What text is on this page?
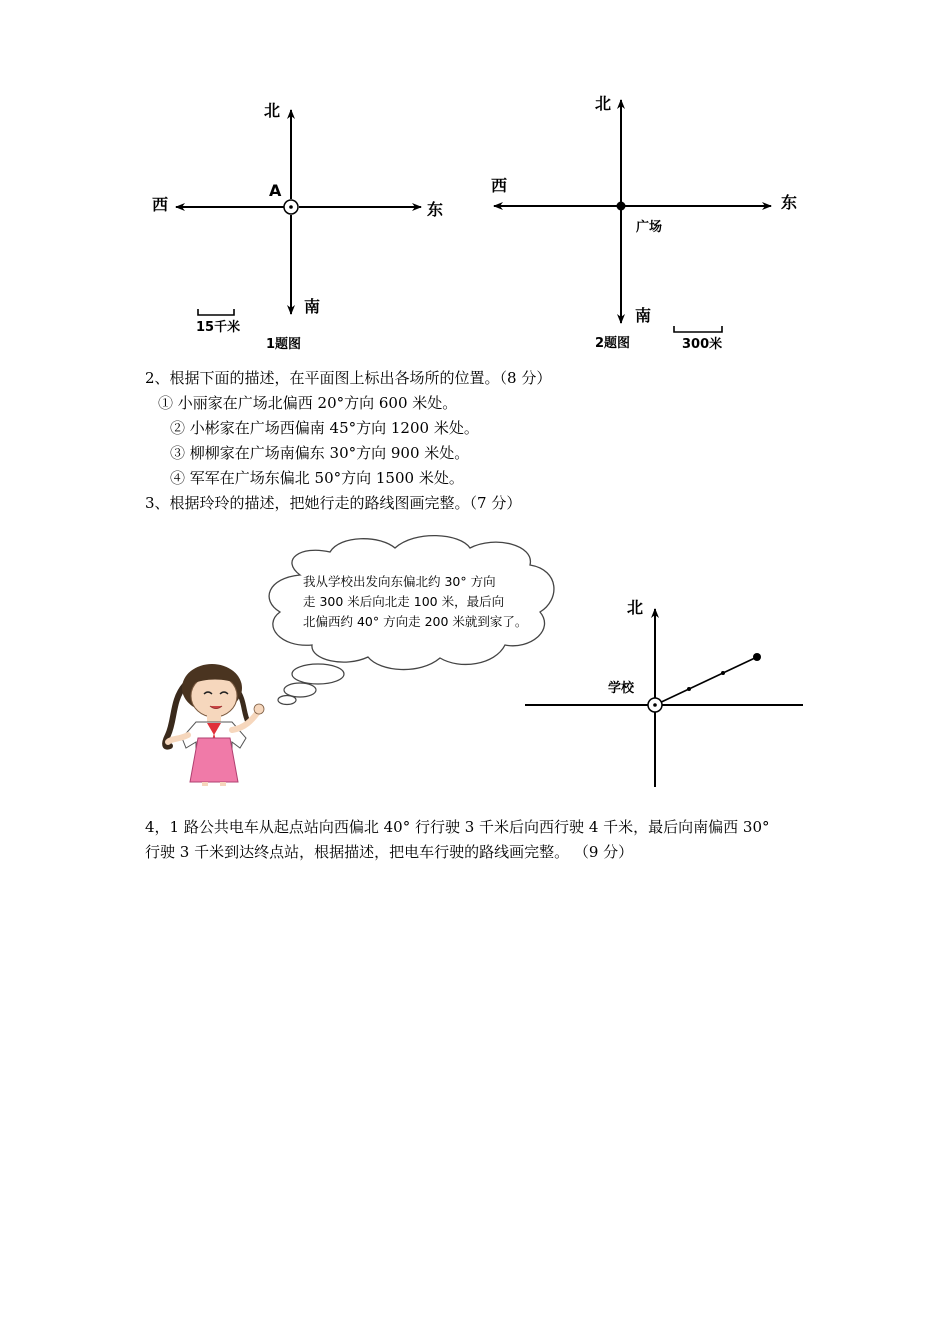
北
南
西	东
A
15千米
1题图
北
南
西
东
广场
2题图	300米
2、根据下面的描述，在平面图上标出各场所的位置。（8 分）
① 小丽家在广场北偏西 20°方向 600 米处。
② 小彬家在广场西偏南 45°方向 1200 米处。
③ 柳柳家在广场南偏东 30°方向 900 米处。
④ 军军在广场东偏北 50°方向 1500 米处。
3、根据玲玲的描述，把她行走的路线图画完整。（7 分）
我从学校出发向东偏北约 30° 方向
走 300 米后向北走 100 米，最后向
北偏西约 40° 方向走 200 米就到家了。
北
学校
4，1 路公共电车从起点站向西偏北 40° 行行驶 3 千米后向西行驶 4 千米，最后向南偏西 30°
行驶 3 千米到达终点站，根据描述，把电车行驶的路线画完整。 （9 分）
